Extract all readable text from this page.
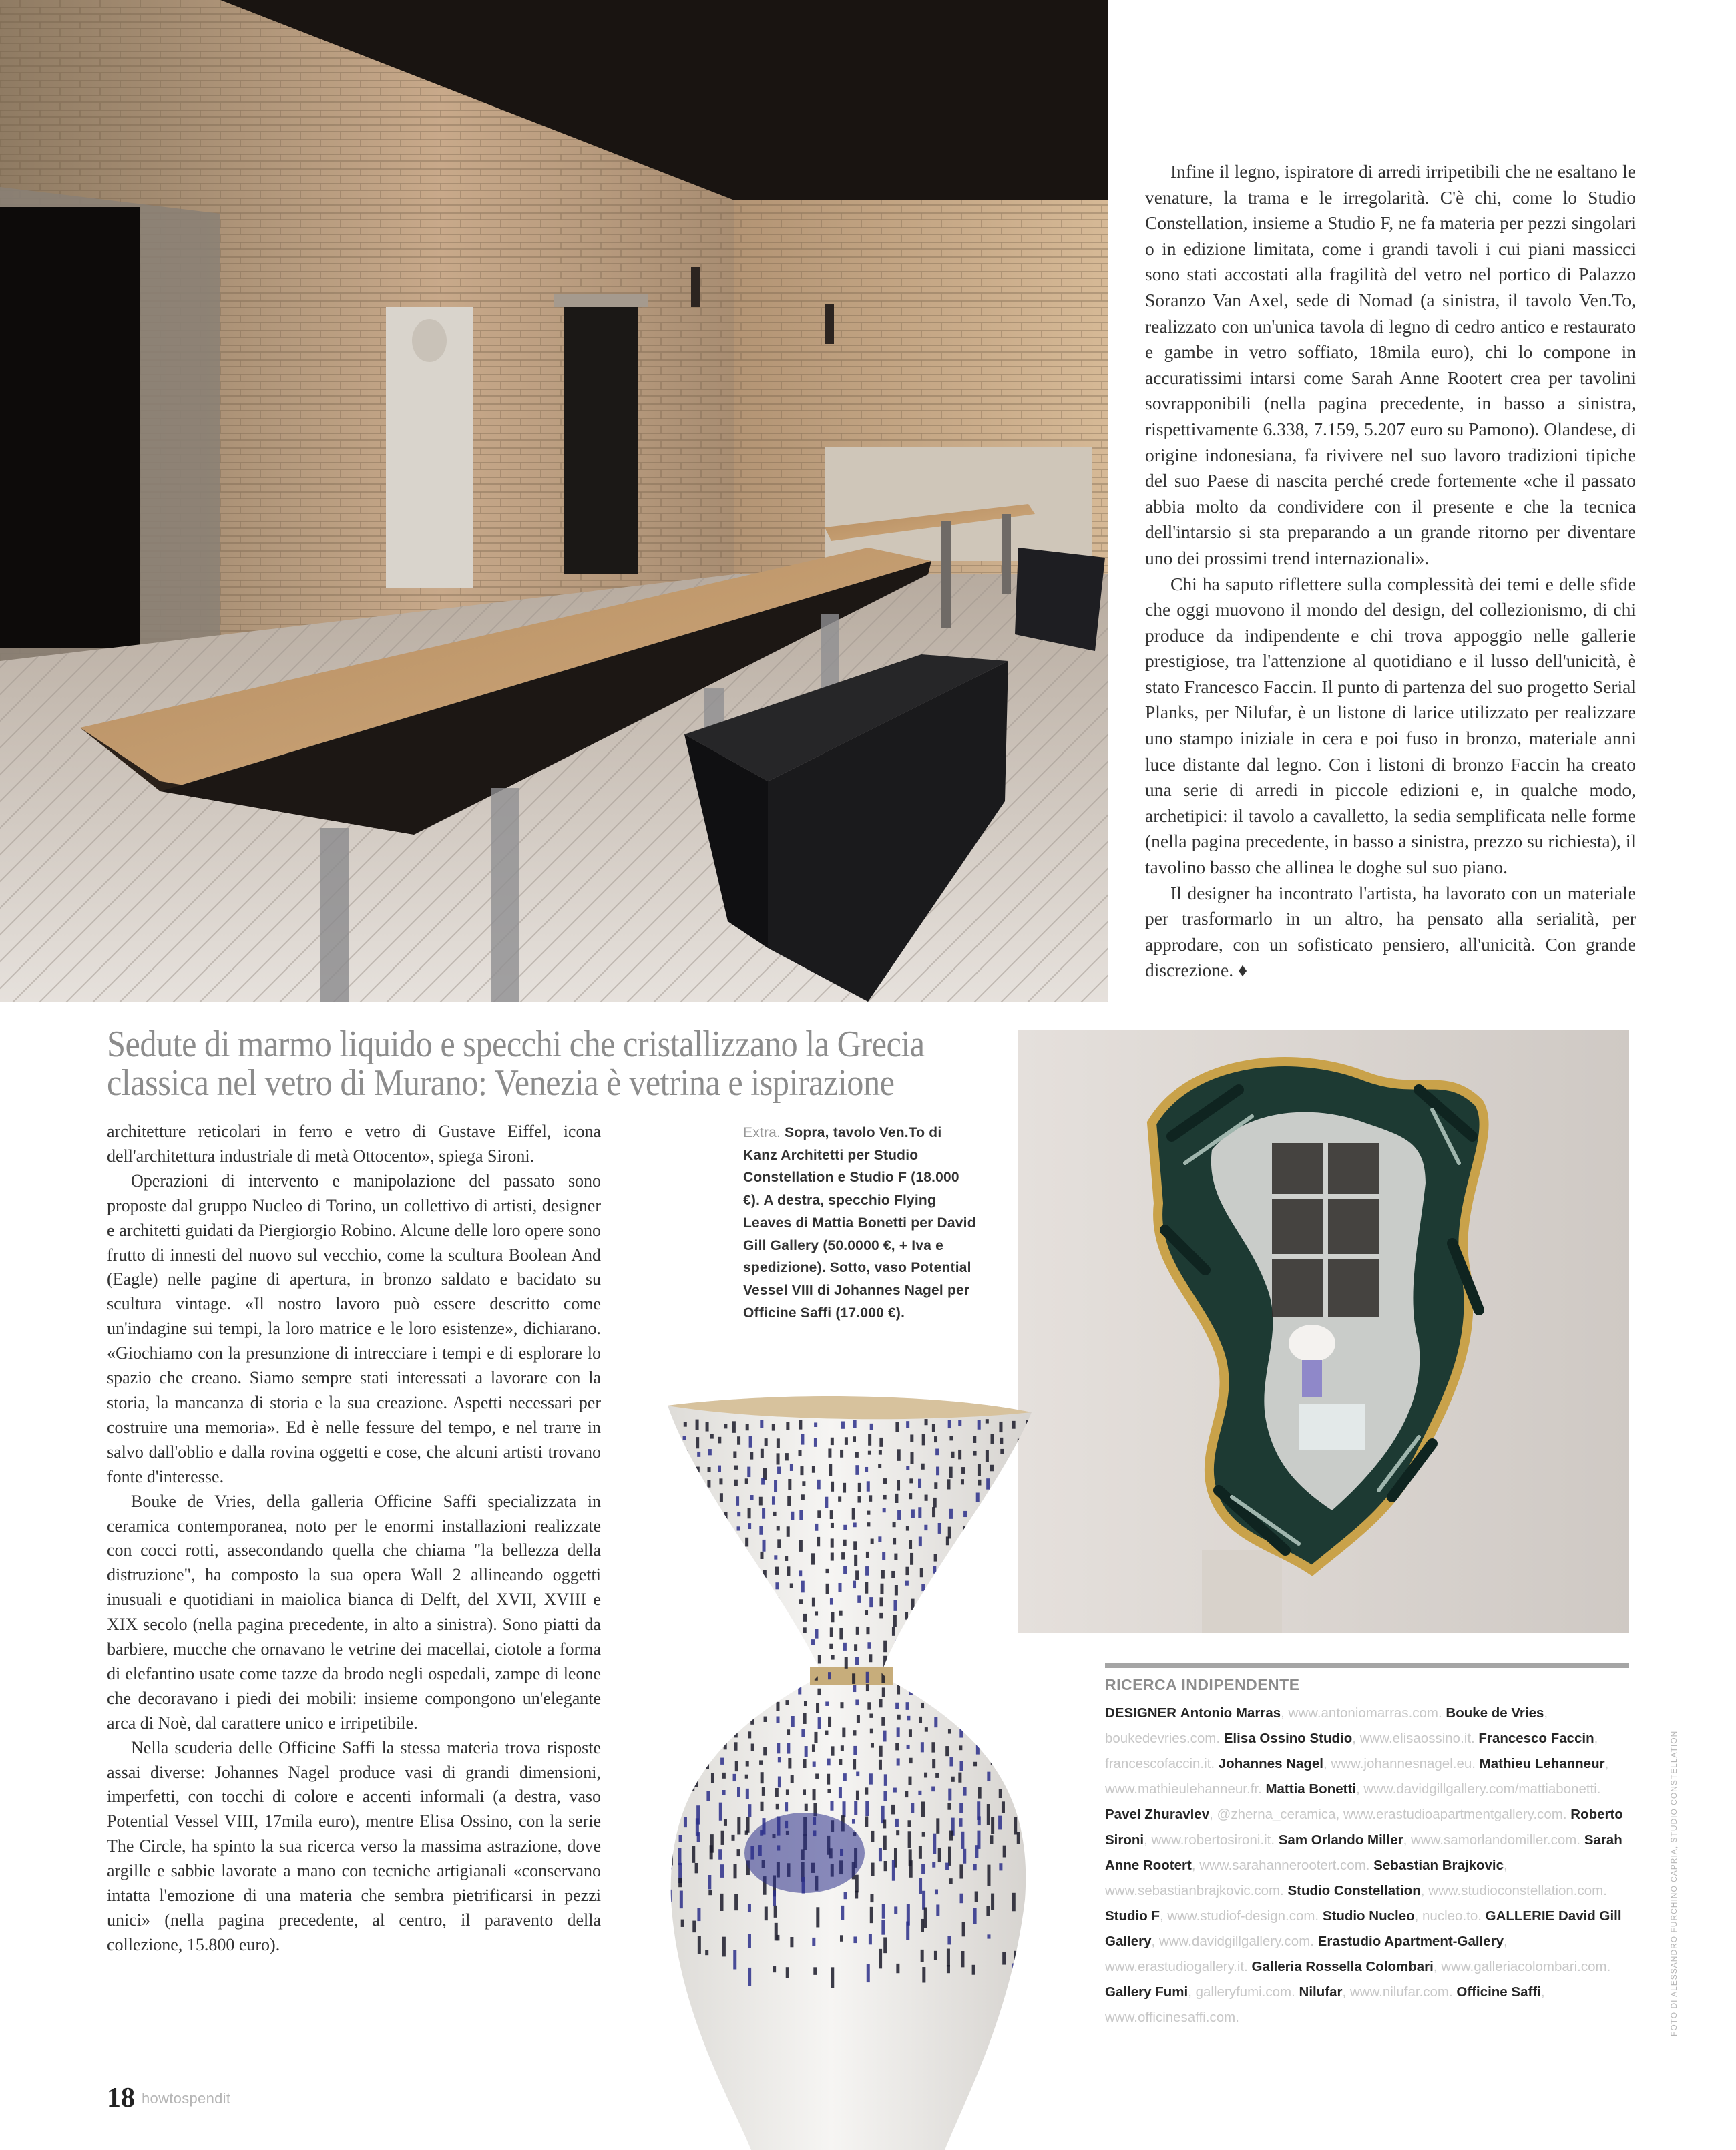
Infine il legno, ispiratore di arredi irripetibili che ne esaltano le venature, la trama e le irregolarità. C'è chi, come lo Studio Constellation, insieme a Studio F, ne fa materia per pezzi singolari o in edizione limitata, come i grandi tavoli i cui piani massicci sono stati accostati alla fragilità del vetro nel portico di Palazzo Soranzo Van Axel, sede di Nomad (a sinistra, il tavolo Ven.To, realizzato con un'unica tavola di legno di cedro antico e restaurato e gambe in vetro soffiato, 18mila euro), chi lo compone in accuratissimi intarsi come Sarah Anne Rootert crea per tavolini sovrapponibili (nella pagina precedente, in basso a sinistra, rispettivamente 6.338, 7.159, 5.207 euro su Pamono). Olandese, di origine indonesiana, fa rivivere nel suo lavoro tradizioni tipiche del suo Paese di nascita perché crede fortemente «che il passato abbia molto da condividere con il presente e che la tecnica dell'intarsio si sta preparando a un grande ritorno per diventare uno dei prossimi trend internazionali».

Chi ha saputo riflettere sulla complessità dei temi e delle sfide che oggi muovono il mondo del design, del collezionismo, di chi produce da indipendente e chi trova appoggio nelle gallerie prestigiose, tra l'attenzione al quotidiano e il lusso dell'unicità, è stato Francesco Faccin. Il punto di partenza del suo progetto Serial Planks, per Nilufar, è un listone di larice utilizzato per realizzare uno stampo iniziale in cera e poi fuso in bronzo, materiale anni luce distante dal legno. Con i listoni di bronzo Faccin ha creato una serie di arredi in piccole edizioni e, in qualche modo, archetipici: il tavolo a cavalletto, la sedia semplificata nelle forme (nella pagina precedente, in basso a sinistra, prezzo su richiesta), il tavolino basso che allinea le doghe sul suo piano.

Il designer ha incontrato l'artista, ha lavorato con un materiale per trasformarlo in un altro, ha pensato alla serialità, per approdare, con un sofisticato pensiero, all'unicità. Con grande discrezione. ♦

Sedute di marmo liquido e specchi che cristallizzano la Grecia
classica nel vetro di Murano: Venezia è vetrina e ispirazione

architetture reticolari in ferro e vetro di Gustave Eiffel, icona dell'architettura industriale di metà Ottocento», spiega Sironi.

Operazioni di intervento e manipolazione del passato sono proposte dal gruppo Nucleo di Torino, un collettivo di artisti, designer e architetti guidati da Piergiorgio Robino. Alcune delle loro opere sono frutto di innesti del nuovo sul vecchio, come la scultura Boolean And (Eagle) nelle pagine di apertura, in bronzo saldato e bacidato su scultura vintage. «Il nostro lavoro può essere descritto come un'indagine sui tempi, la loro matrice e le loro esistenze», dichiarano. «Giochiamo con la presunzione di intrecciare i tempi e di esplorare lo spazio che creano. Siamo sempre stati interessati a lavorare con la storia, la mancanza di storia e la sua creazione. Aspetti necessari per costruire una memoria». Ed è nelle fessure del tempo, e nel trarre in salvo dall'oblio e dalla rovina oggetti e cose, che alcuni artisti trovano fonte d'interesse.

Bouke de Vries, della galleria Officine Saffi specializzata in ceramica contemporanea, noto per le enormi installazioni realizzate con cocci rotti, assecondando quella che chiama "la bellezza della distruzione", ha composto la sua opera Wall 2 allineando oggetti inusuali e quotidiani in maiolica bianca di Delft, del XVII, XVIII e XIX secolo (nella pagina precedente, in alto a sinistra). Sono piatti da barbiere, mucche che ornavano le vetrine dei macellai, ciotole a forma di elefantino usate come tazze da brodo negli ospedali, zampe di leone che decoravano i piedi dei mobili: insieme compongono un'elegante arca di Noè, dal carattere unico e irripetibile.

Nella scuderia delle Officine Saffi la stessa materia trova risposte assai diverse: Johannes Nagel produce vasi di grandi dimensioni, imperfetti, con tocchi di colore e accenti informali (a destra, vaso Potential Vessel VIII, 17mila euro), mentre Elisa Ossino, con la serie The Circle, ha spinto la sua ricerca verso la massima astrazione, dove argille e sabbie lavorate a mano con tecniche artigianali «conservano intatta l'emozione di una materia che sembra pietrificarsi in pezzi unici» (nella pagina precedente, al centro, il paravento della collezione, 15.800 euro).

Extra. Sopra, tavolo Ven.To di Kanz Architetti per Studio Constellation e Studio F (18.000 €). A destra, specchio Flying Leaves di Mattia Bonetti per David Gill Gallery (50.0000 €, + Iva e spedizione). Sotto, vaso Potential Vessel VIII di Johannes Nagel per Officine Saffi (17.000 €).
RICERCA INDIPENDENTE
DESIGNER Antonio Marras, www.antoniomarras.com. Bouke de Vries, boukedevries.com. Elisa Ossino Studio, www.elisaossino.it. Francesco Faccin, francescofaccin.it. Johannes Nagel, www.johannesnagel.eu. Mathieu Lehanneur, www.mathieulehanneur.fr. Mattia Bonetti, www.davidgillgallery.com/mattiabonetti. Pavel Zhuravlev, @zherna_ceramica, www.erastudioapartmentgallery.com. Roberto Sironi, www.robertosironi.it. Sam Orlando Miller, www.samorlandomiller.com. Sarah Anne Rootert, www.sarahannerootert.com. Sebastian Brajkovic, www.sebastianbrajkovic.com. Studio Constellation, www.studioconstellation.com. Studio F, www.studiof-design.com. Studio Nucleo, nucleo.to. GALLERIE David Gill Gallery, www.davidgillgallery.com. Erastudio Apartment-Gallery, www.erastudiogallery.it. Galleria Rossella Colombari, www.galleriacolombari.com. Gallery Fumi, galleryfumi.com. Nilufar, www.nilufar.com. Officine Saffi, www.officinesaffi.com.	FOTO DI ALESSANDRO FURCHINO CAPRIA, STUDIO CONSTELLATION
18 howtospendit
